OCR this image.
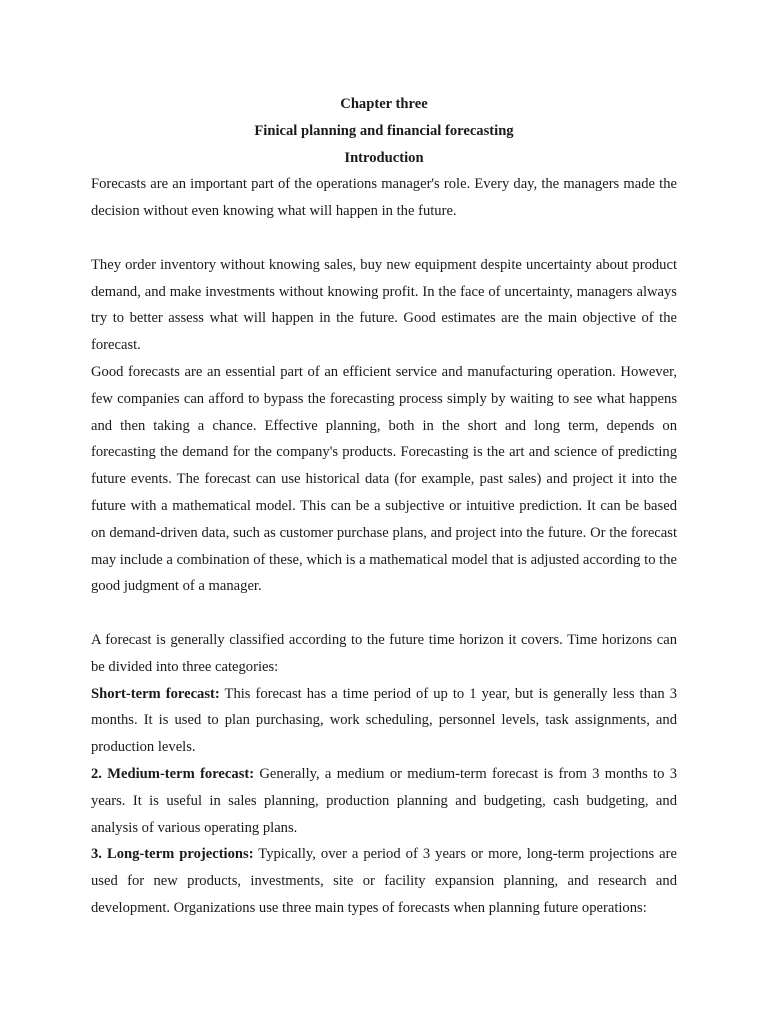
Chapter three
Finical planning and financial forecasting
Introduction

Forecasts are an important part of the operations manager's role. Every day, the managers made the decision without even knowing what will happen in the future.

They order inventory without knowing sales, buy new equipment despite uncertainty about product demand, and make investments without knowing profit. In the face of uncertainty, managers always try to better assess what will happen in the future. Good estimates are the main objective of the forecast.

Good forecasts are an essential part of an efficient service and manufacturing operation. However, few companies can afford to bypass the forecasting process simply by waiting to see what happens and then taking a chance. Effective planning, both in the short and long term, depends on forecasting the demand for the company's products. Forecasting is the art and science of predicting future events. The forecast can use historical data (for example, past sales) and project it into the future with a mathematical model. This can be a subjective or intuitive prediction. It can be based on demand-driven data, such as customer purchase plans, and project into the future. Or the forecast may include a combination of these, which is a mathematical model that is adjusted according to the good judgment of a manager.

A forecast is generally classified according to the future time horizon it covers. Time horizons can be divided into three categories:

Short-term forecast: This forecast has a time period of up to 1 year, but is generally less than 3 months. It is used to plan purchasing, work scheduling, personnel levels, task assignments, and production levels.

2. Medium-term forecast: Generally, a medium or medium-term forecast is from 3 months to 3 years. It is useful in sales planning, production planning and budgeting, cash budgeting, and analysis of various operating plans.

3. Long-term projections: Typically, over a period of 3 years or more, long-term projections are used for new products, investments, site or facility expansion planning, and research and development. Organizations use three main types of forecasts when planning future operations:
